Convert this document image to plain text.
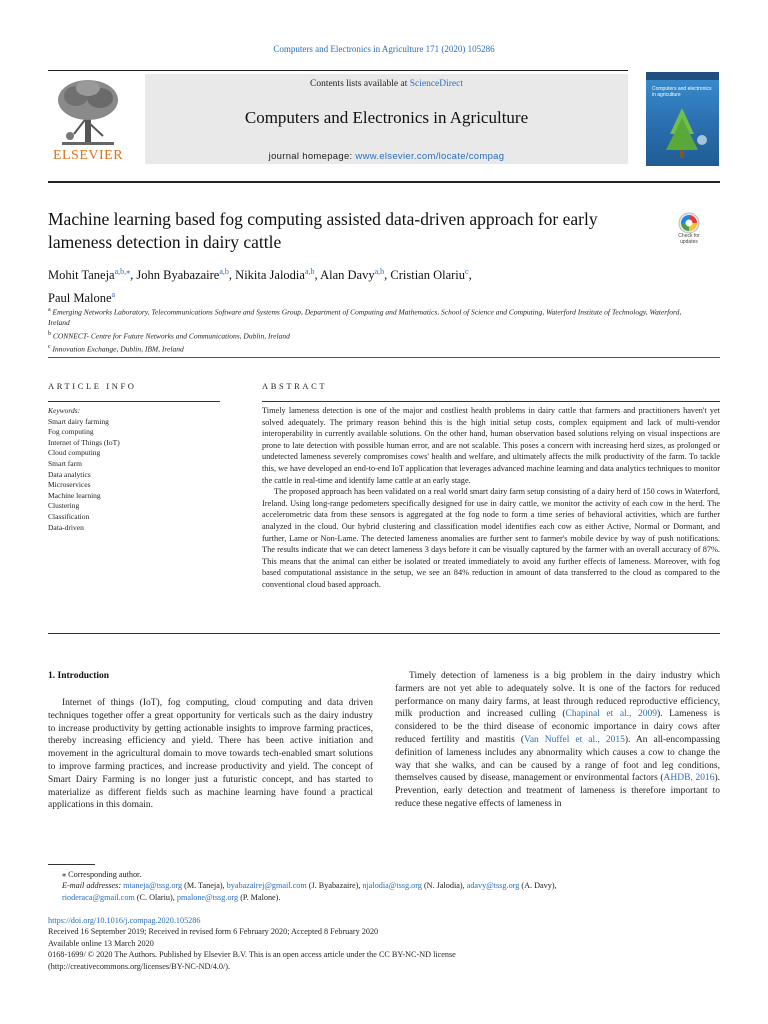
Computers and Electronics in Agriculture 171 (2020) 105286
ELSEVIER
Contents lists available at ScienceDirect
Computers and Electronics in Agriculture
journal homepage: www.elsevier.com/locate/compag
Computers and electronics in agriculture
Machine learning based fog computing assisted data-driven approach for early lameness detection in dairy cattle	Check for updates
Mohit Taneja$^{a,b,⁎}$, John Byabazaire$^{a,b}$, Nikita Jalodia$^{a,b}$, Alan Davy$^{a,b}$, Cristian Olariu$^c$,
Paul Malone$^a$
$^a$ Emerging Networks Laboratory, Telecommunications Software and Systems Group, Department of Computing and Mathematics, School of Science and Computing, Waterford Institute of Technology, Waterford, Ireland
$^b$ CONNECT- Centre for Future Networks and Communications, Dublin, Ireland
$^c$ Innovation Exchange, Dublin, IBM, Ireland
ARTICLE INFO	ABSTRACT
Keywords:
Smart dairy farming
Fog computing
Internet of Things (IoT)
Cloud computing
Smart farm
Data analytics
Microservices
Machine learning
Clustering
Classification
Data-driven

Timely lameness detection is one of the major and costliest health problems in dairy cattle that farmers and practitioners haven't yet solved adequately. The primary reason behind this is the high initial setup costs, complex equipment and lack of multi-vendor interoperability in currently available solutions. On the other hand, human observation based solutions relying on visual inspections are prone to late detection with possible human error, and are not scalable. This poses a concern with increasing herd sizes, as prolonged or undetected lameness severely compromises cows' health and welfare, and ultimately affects the milk productivity of the farm. To tackle this, we have developed an end-to-end IoT application that leverages advanced machine learning and data analytics techniques to monitor the cattle in real-time and identify lame cattle at an early stage.

The proposed approach has been validated on a real world smart dairy farm setup consisting of a dairy herd of 150 cows in Waterford, Ireland. Using long-range pedometers specifically designed for use in dairy cattle, we monitor the activity of each cow in the herd. The accelerometric data from these sensors is aggregated at the fog node to form a time series of behavioral activities, which are further analyzed in the cloud. Our hybrid clustering and classification model identifies each cow as either Active, Normal or Dormant, and further, Lame or Non-Lame. The detected lameness anomalies are further sent to farmer's mobile device by way of push notifications. The results indicate that we can detect lameness 3 days before it can be visually captured by the farmer with an overall accuracy of 87%. This means that the animal can either be isolated or treated immediately to avoid any further effects of lameness. Moreover, with fog based computational assistance in the setup, we see an 84% reduction in amount of data transferred to the cloud as compared to the conventional cloud based approach.

1. Introduction

Internet of things (IoT), fog computing, cloud computing and data driven techniques together offer a great opportunity for verticals such as the dairy industry to increase productivity by getting actionable insights to improve farming practices, thereby increasing efficiency and yield. There has been active initiation and movement in the agricultural domain to move towards tech-enabled smart solutions to improve farming practices, and increase productivity and yield. The concept of Smart Dairy Farming is no longer just a futuristic concept, and has started to materialize as different fields such as machine learning have found a practical applications in this domain.

Timely detection of lameness is a big problem in the dairy industry which farmers are not yet able to adequately solve. It is one of the factors for reduced performance on many dairy farms, at least through reduced reproductive efficiency, milk production and increased culling (Chapinal et al., 2009). Lameness is considered to be the third disease of economic importance in dairy cows after reduced fertility and mastitis (Van Nuffel et al., 2015). An all-encompassing definition of lameness includes any abnormality which causes a cow to change the way that she walks, and can be caused by a range of foot and leg conditions, themselves caused by disease, management or environmental factors (AHDB, 2016). Prevention, early detection and treatment of lameness is therefore important to reduce these negative effects of lameness in

⁎ Corresponding author.
E-mail addresses: mtaneja@tssg.org (M. Taneja), byabazairej@gmail.com (J. Byabazaire), njalodia@tssg.org (N. Jalodia), adavy@tssg.org (A. Davy),
rioderaca@gmail.com (C. Olariu), pmalone@tssg.org (P. Malone).
https://doi.org/10.1016/j.compag.2020.105286
Received 16 September 2019; Received in revised form 6 February 2020; Accepted 8 February 2020
Available online 13 March 2020
0168-1699/ © 2020 The Authors. Published by Elsevier B.V. This is an open access article under the CC BY-NC-ND license
(http://creativecommons.org/licenses/BY-NC-ND/4.0/).
